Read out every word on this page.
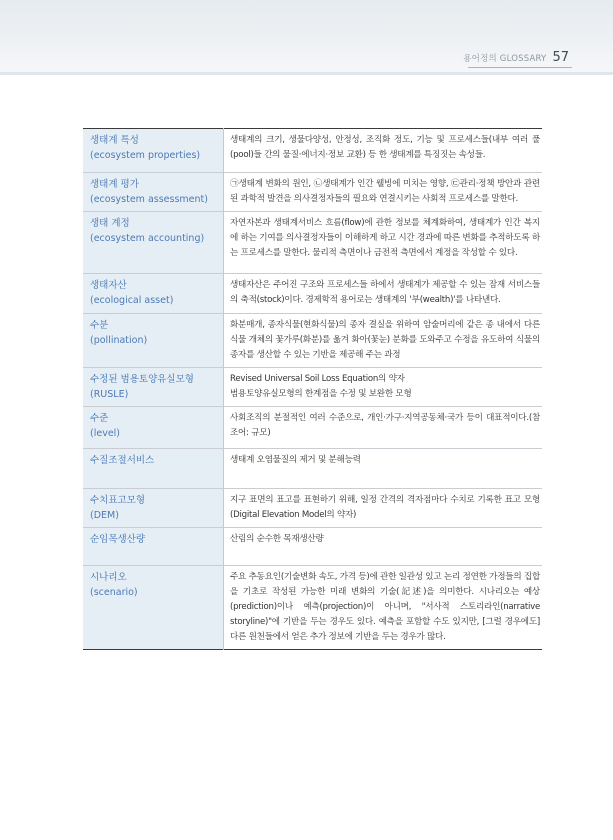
용어정의 GLOSSARY 57
생태계 특성
(ecosystem properties)	생태계의 크기, 생물다양성, 안정성, 조직화 정도, 기능 및 프로세스들(내부 여러 풀(pool)들 간의 물질·에너지·정보 교환) 등 한 생태계를 특징짓는 속성들.

생태계 평가
(ecosystem assessment)	㉠생태계 변화의 원인, ㉡생태계가 인간 웰빙에 미치는 영향, ㉢관리·정책 방안과 관련된 과학적 발견을 의사결정자들의 필요와 연결시키는 사회적 프로세스를 말한다.

생태 계정
(ecosystem accounting)	자연자본과 생태계서비스 흐름(flow)에 관한 정보를 체계화하여, 생태계가 인간 복지에 하는 기여를 의사결정자들이 이해하게 하고 시간 경과에 따른 변화를 추적하도록 하는 프로세스를 말한다. 물리적 측면이나 금전적 측면에서 계정을 작성할 수 있다.

생태자산
(ecological asset)	생태자산은 주어진 구조와 프로세스들 하에서 생태계가 제공할 수 있는 잠재 서비스들의 축적(stock)이다. 경제학적 용어로는 생태계의 '부(wealth)'를 나타낸다.

수분
(pollination)	화분매개, 종자식물(현화식물)의 종자 결실을 위하여 암술머리에 같은 종 내에서 다른 식물 개체의 꽃가루(화분)를 옮겨 화아(꽃눈) 분화를 도와주고 수정을 유도하여 식물의 종자를 생산할 수 있는 기반을 제공해 주는 과정

수정된 범용토양유실모형
(RUSLE)	Revised Universal Soil Loss Equation의 약자
범용토양유실모형의 한계점을 수정 및 보완한 모형

수준
(level)	사회조직의 분절적인 여러 수준으로, 개인·가구·지역공동체·국가 등이 대표적이다.(참조어: 규모)

수질조절서비스	생태계 오염물질의 제거 및 분해능력

수치표고모형
(DEM)	지구 표면의 표고를 표현하기 위해, 일정 간격의 격자점마다 수치로 기록한 표고 모형(Digital Elevation Model의 약자)

순임목생산량	산림의 순수한 목재생산량

시나리오
(scenario)	주요 추동요인(기술변화 속도, 가격 등)에 관한 일관성 있고 논리 정연한 가정들의 집합을 기초로 작성된 가능한 미래 변화의 기술(記述)을 의미한다. 시나리오는 예상(prediction)이나 예측(projection)이 아니며, "서사적 스토리라인(narrative storyline)"에 기반을 두는 경우도 있다. 예측을 포함할 수도 있지만, [그럴 경우에도] 다른 원천들에서 얻은 추가 정보에 기반을 두는 경우가 많다.
